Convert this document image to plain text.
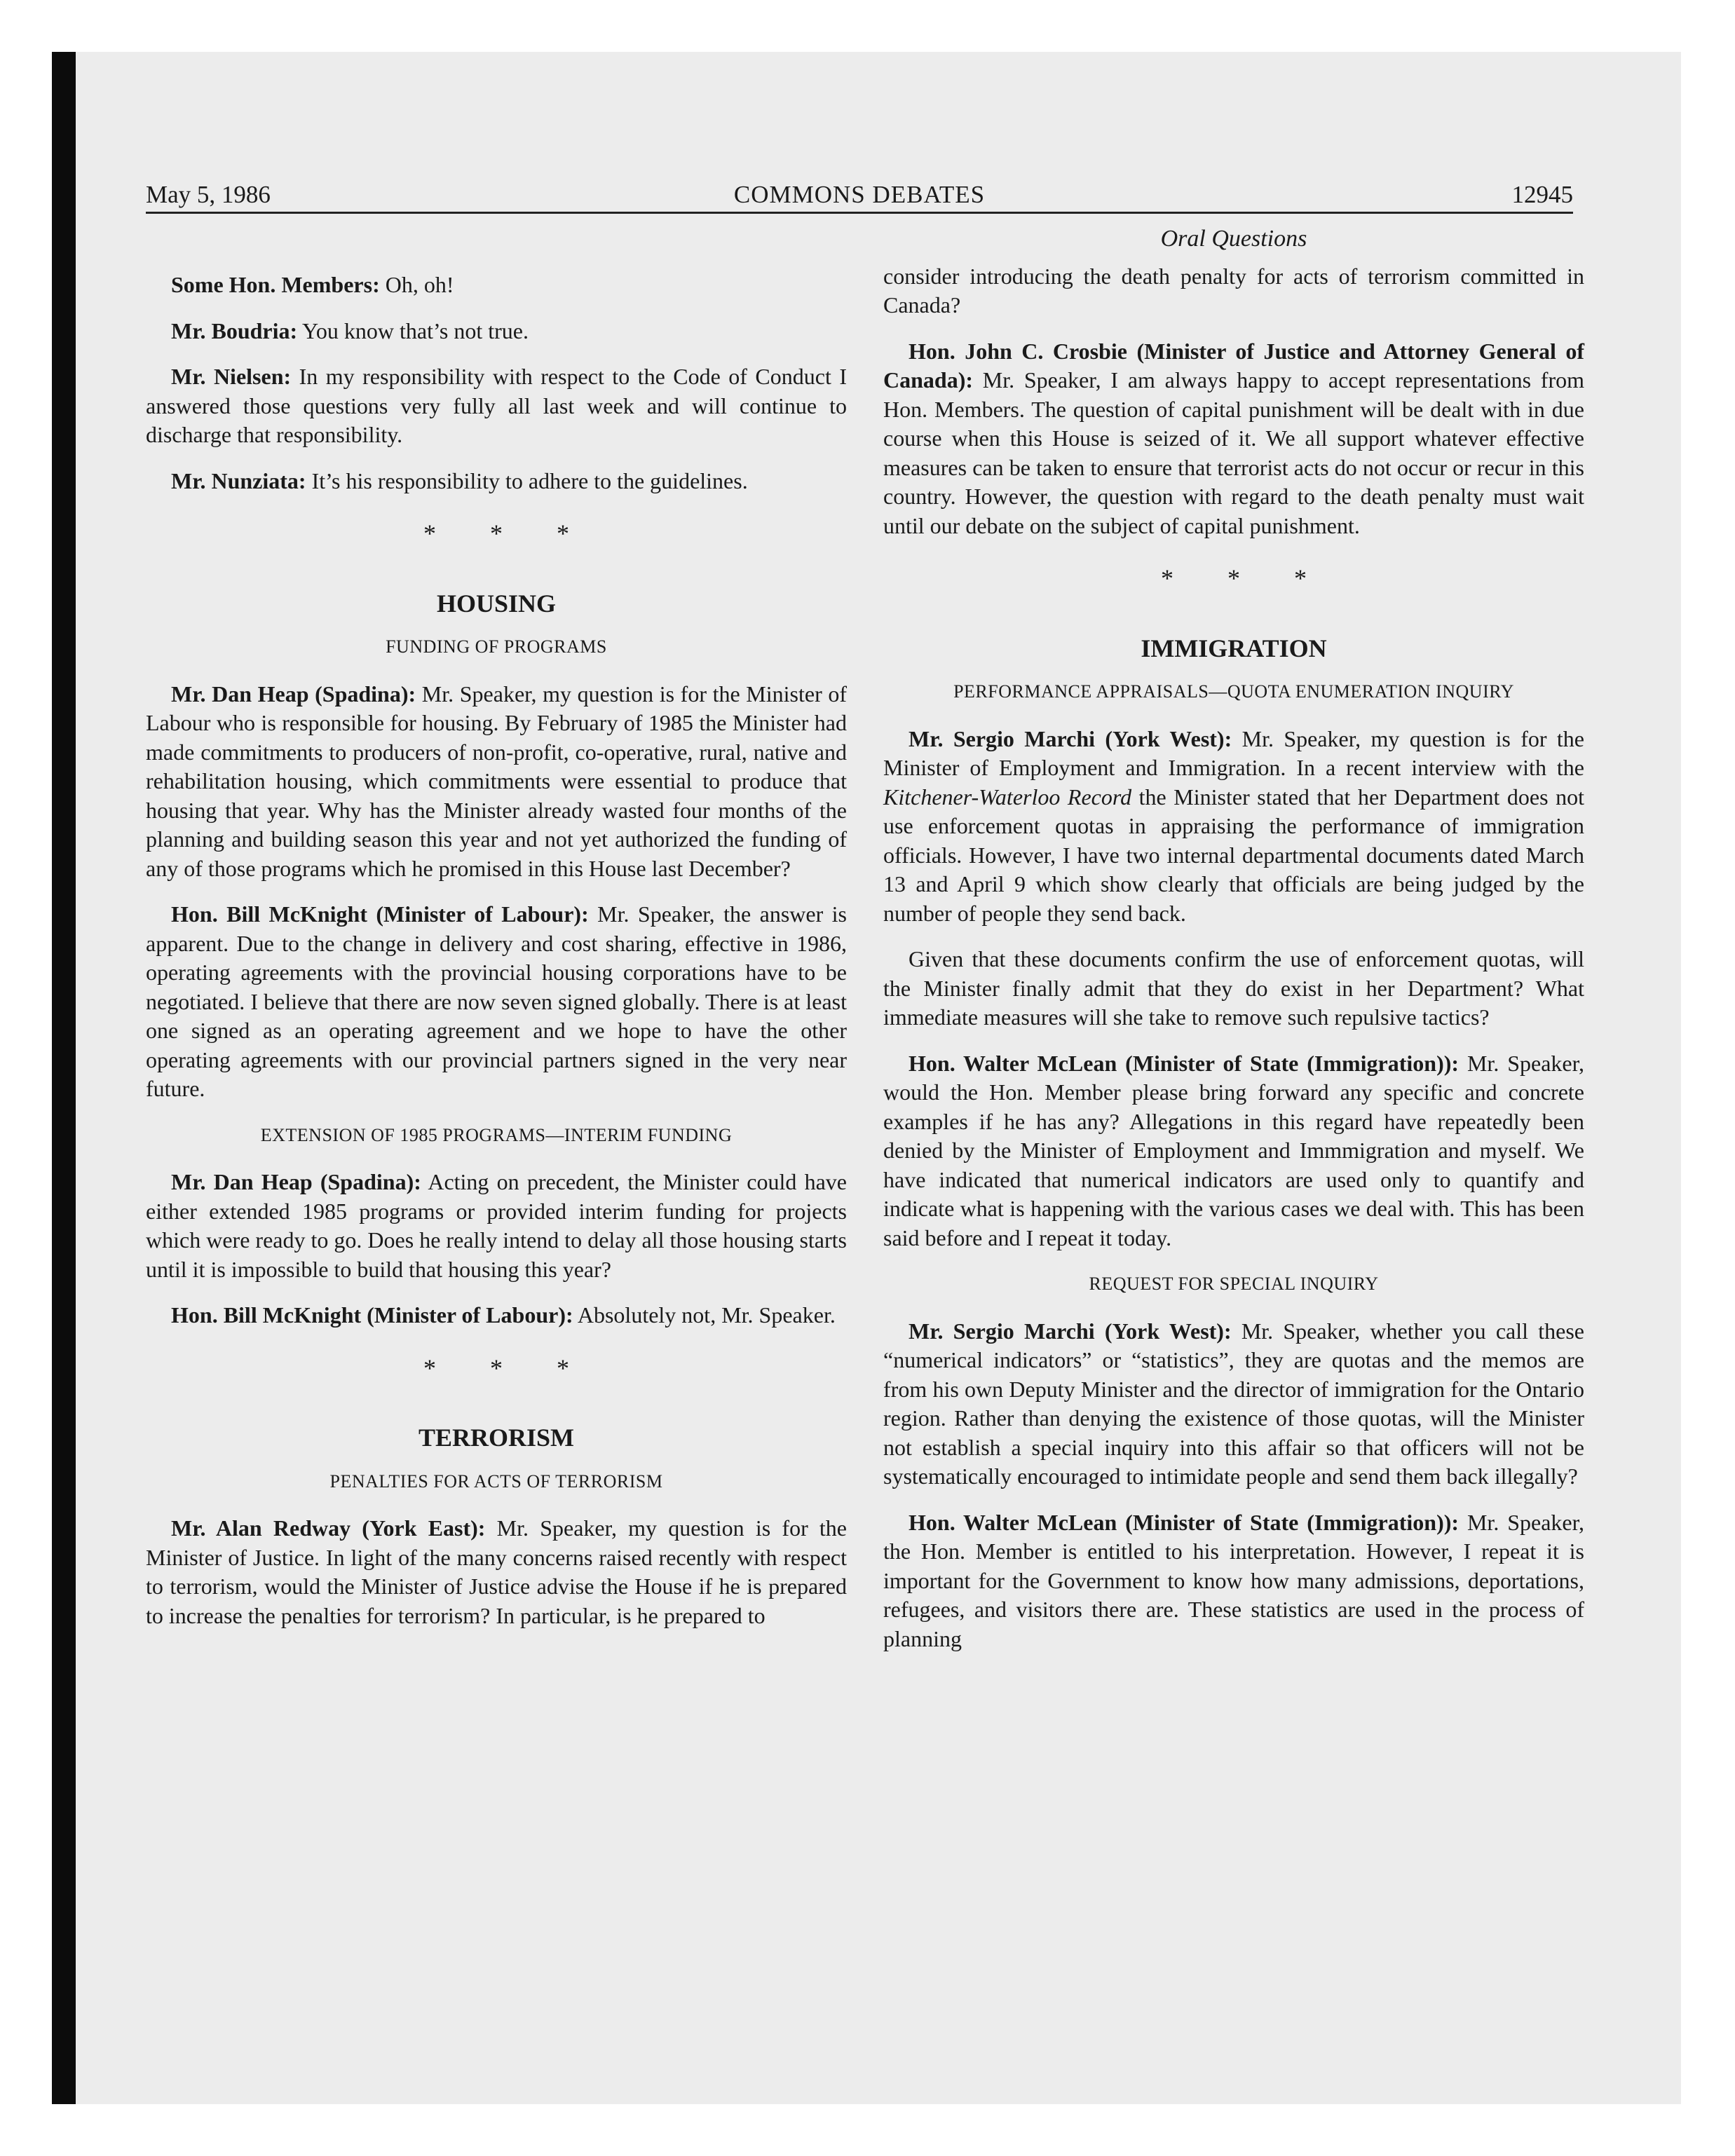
May 5, 1986	COMMONS DEBATES	12945

Some Hon. Members: Oh, oh!

Mr. Boudria: You know that’s not true.

Mr. Nielsen: In my responsibility with respect to the Code of Conduct I answered those questions very fully all last week and will continue to discharge that responsibility.

Mr. Nunziata: It’s his responsibility to adhere to the guidelines.

* * *
HOUSING
FUNDING OF PROGRAMS

Mr. Dan Heap (Spadina): Mr. Speaker, my question is for the Minister of Labour who is responsible for housing. By February of 1985 the Minister had made commitments to producers of non-profit, co-operative, rural, native and rehabilitation housing, which commitments were essential to produce that housing that year. Why has the Minister already wasted four months of the planning and building season this year and not yet authorized the funding of any of those programs which he promised in this House last December?

Hon. Bill McKnight (Minister of Labour): Mr. Speaker, the answer is apparent. Due to the change in delivery and cost sharing, effective in 1986, operating agreements with the provincial housing corporations have to be negotiated. I believe that there are now seven signed globally. There is at least one signed as an operating agreement and we hope to have the other operating agreements with our provincial partners signed in the very near future.

EXTENSION OF 1985 PROGRAMS—INTERIM FUNDING

Mr. Dan Heap (Spadina): Acting on precedent, the Minister could have either extended 1985 programs or provided interim funding for projects which were ready to go. Does he really intend to delay all those housing starts until it is impossible to build that housing this year?

Hon. Bill McKnight (Minister of Labour): Absolutely not, Mr. Speaker.

* * *
TERRORISM
PENALTIES FOR ACTS OF TERRORISM

Mr. Alan Redway (York East): Mr. Speaker, my question is for the Minister of Justice. In light of the many concerns raised recently with respect to terrorism, would the Minister of Justice advise the House if he is prepared to increase the penalties for terrorism? In particular, is he prepared to

Oral Questions

consider introducing the death penalty for acts of terrorism committed in Canada?

Hon. John C. Crosbie (Minister of Justice and Attorney General of Canada): Mr. Speaker, I am always happy to accept representations from Hon. Members. The question of capital punishment will be dealt with in due course when this House is seized of it. We all support whatever effective measures can be taken to ensure that terrorist acts do not occur or recur in this country. However, the question with regard to the death penalty must wait until our debate on the subject of capital punishment.

* * *
IMMIGRATION
PERFORMANCE APPRAISALS—QUOTA ENUMERATION INQUIRY

Mr. Sergio Marchi (York West): Mr. Speaker, my question is for the Minister of Employment and Immigration. In a recent interview with the Kitchener-Waterloo Record the Minister stated that her Department does not use enforcement quotas in appraising the performance of immigration officials. However, I have two internal departmental documents dated March 13 and April 9 which show clearly that officials are being judged by the number of people they send back.

Given that these documents confirm the use of enforcement quotas, will the Minister finally admit that they do exist in her Department? What immediate measures will she take to remove such repulsive tactics?

Hon. Walter McLean (Minister of State (Immigration)): Mr. Speaker, would the Hon. Member please bring forward any specific and concrete examples if he has any? Allegations in this regard have repeatedly been denied by the Minister of Employment and Immmigration and myself. We have indicated that numerical indicators are used only to quantify and indicate what is happening with the various cases we deal with. This has been said before and I repeat it today.

REQUEST FOR SPECIAL INQUIRY

Mr. Sergio Marchi (York West): Mr. Speaker, whether you call these “numerical indicators” or “statistics”, they are quotas and the memos are from his own Deputy Minister and the director of immigration for the Ontario region. Rather than denying the existence of those quotas, will the Minister not establish a special inquiry into this affair so that officers will not be systematically encouraged to intimidate people and send them back illegally?

Hon. Walter McLean (Minister of State (Immigration)): Mr. Speaker, the Hon. Member is entitled to his interpretation. However, I repeat it is important for the Government to know how many admissions, deportations, refugees, and visitors there are. These statistics are used in the process of planning
